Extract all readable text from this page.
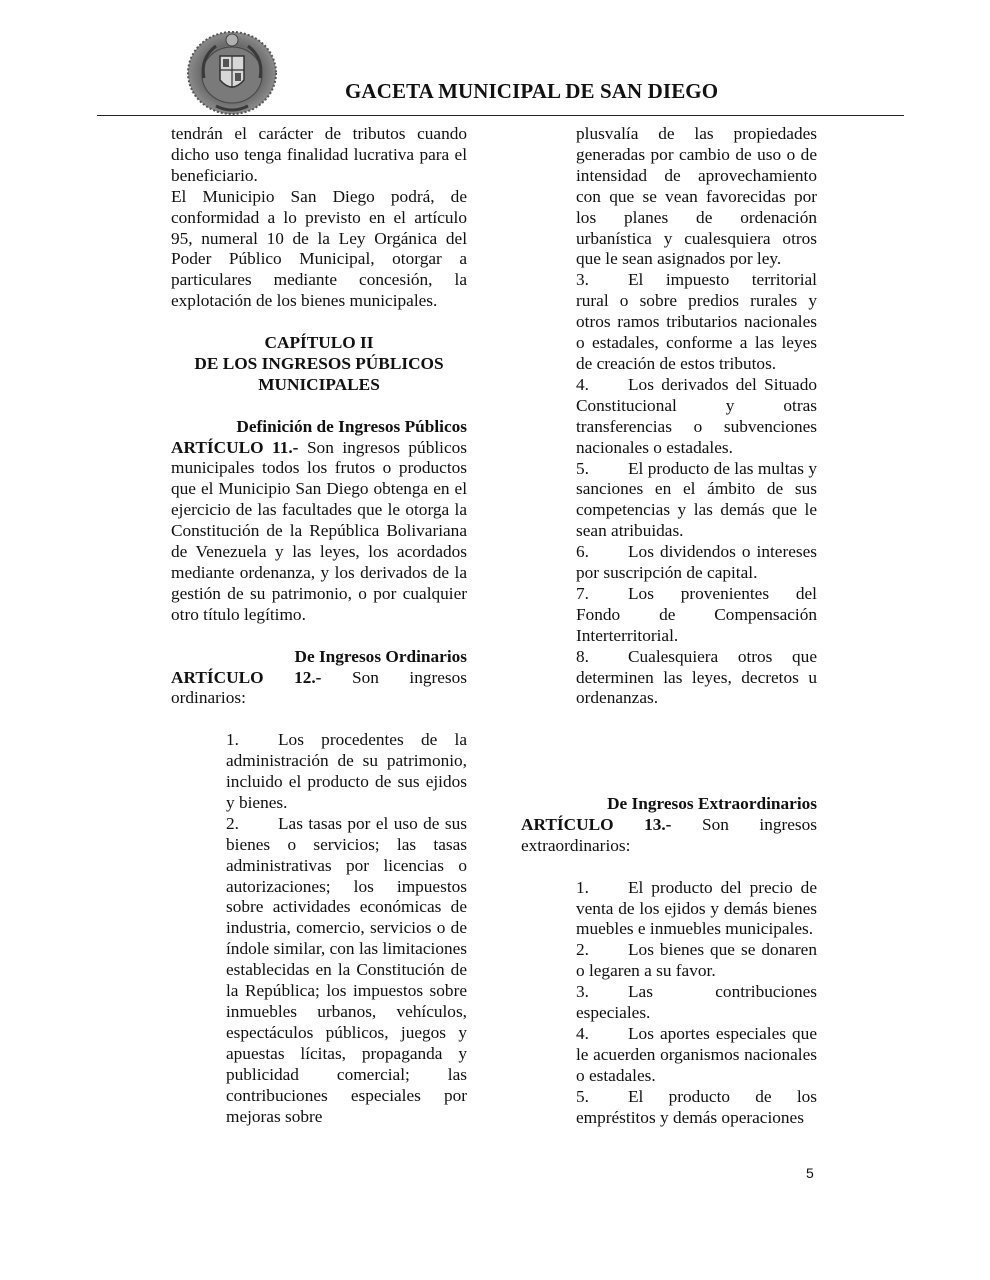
GACETA MUNICIPAL DE SAN DIEGO

tendrán el carácter de tributos cuando dicho uso tenga finalidad lucrativa para el beneficiario.

El Municipio San Diego podrá, de conformidad a lo previsto en el artículo 95, numeral 10 de la Ley Orgánica del Poder Público Municipal, otorgar a particulares mediante concesión, la explotación de los bienes municipales.

CAPÍTULO II

DE LOS INGRESOS PÚBLICOS MUNICIPALES

Definición de Ingresos Públicos

ARTÍCULO 11.- Son ingresos públicos municipales todos los frutos o productos que el Municipio San Diego obtenga en el ejercicio de las facultades que le otorga la Constitución de la República Bolivariana de Venezuela y las leyes, los acordados mediante ordenanza, y los derivados de la gestión de su patrimonio, o por cualquier otro título legítimo.

De Ingresos Ordinarios

ARTÍCULO 12.- Son ingresos ordinarios:

1. Los procedentes de la administración de su patrimonio, incluido el producto de sus ejidos y bienes.

2. Las tasas por el uso de sus bienes o servicios; las tasas administrativas por licencias o autorizaciones; los impuestos sobre actividades económicas de industria, comercio, servicios o de índole similar, con las limitaciones establecidas en la Constitución de la República; los impuestos sobre inmuebles urbanos, vehículos, espectáculos públicos, juegos y apuestas lícitas, propaganda y publicidad comercial; las contribuciones especiales por mejoras sobre

plusvalía de las propiedades generadas por cambio de uso o de intensidad de aprovechamiento con que se vean favorecidas por los planes de ordenación urbanística y cualesquiera otros que le sean asignados por ley.

3. El impuesto territorial rural o sobre predios rurales y otros ramos tributarios nacionales o estadales, conforme a las leyes de creación de estos tributos.

4. Los derivados del Situado Constitucional y otras transferencias o subvenciones nacionales o estadales.

5. El producto de las multas y sanciones en el ámbito de sus competencias y las demás que le sean atribuidas.

6. Los dividendos o intereses por suscripción de capital.

7. Los provenientes del Fondo de Compensación Interterritorial.

8. Cualesquiera otros que determinen las leyes, decretos u ordenanzas.

De Ingresos Extraordinarios

ARTÍCULO 13.- Son ingresos extraordinarios:

1. El producto del precio de venta de los ejidos y demás bienes muebles e inmuebles municipales.

2. Los bienes que se donaren o legaren a su favor.

3. Las contribuciones especiales.

4. Los aportes especiales que le acuerden organismos nacionales o estadales.

5. El producto de los empréstitos y demás operaciones

5
